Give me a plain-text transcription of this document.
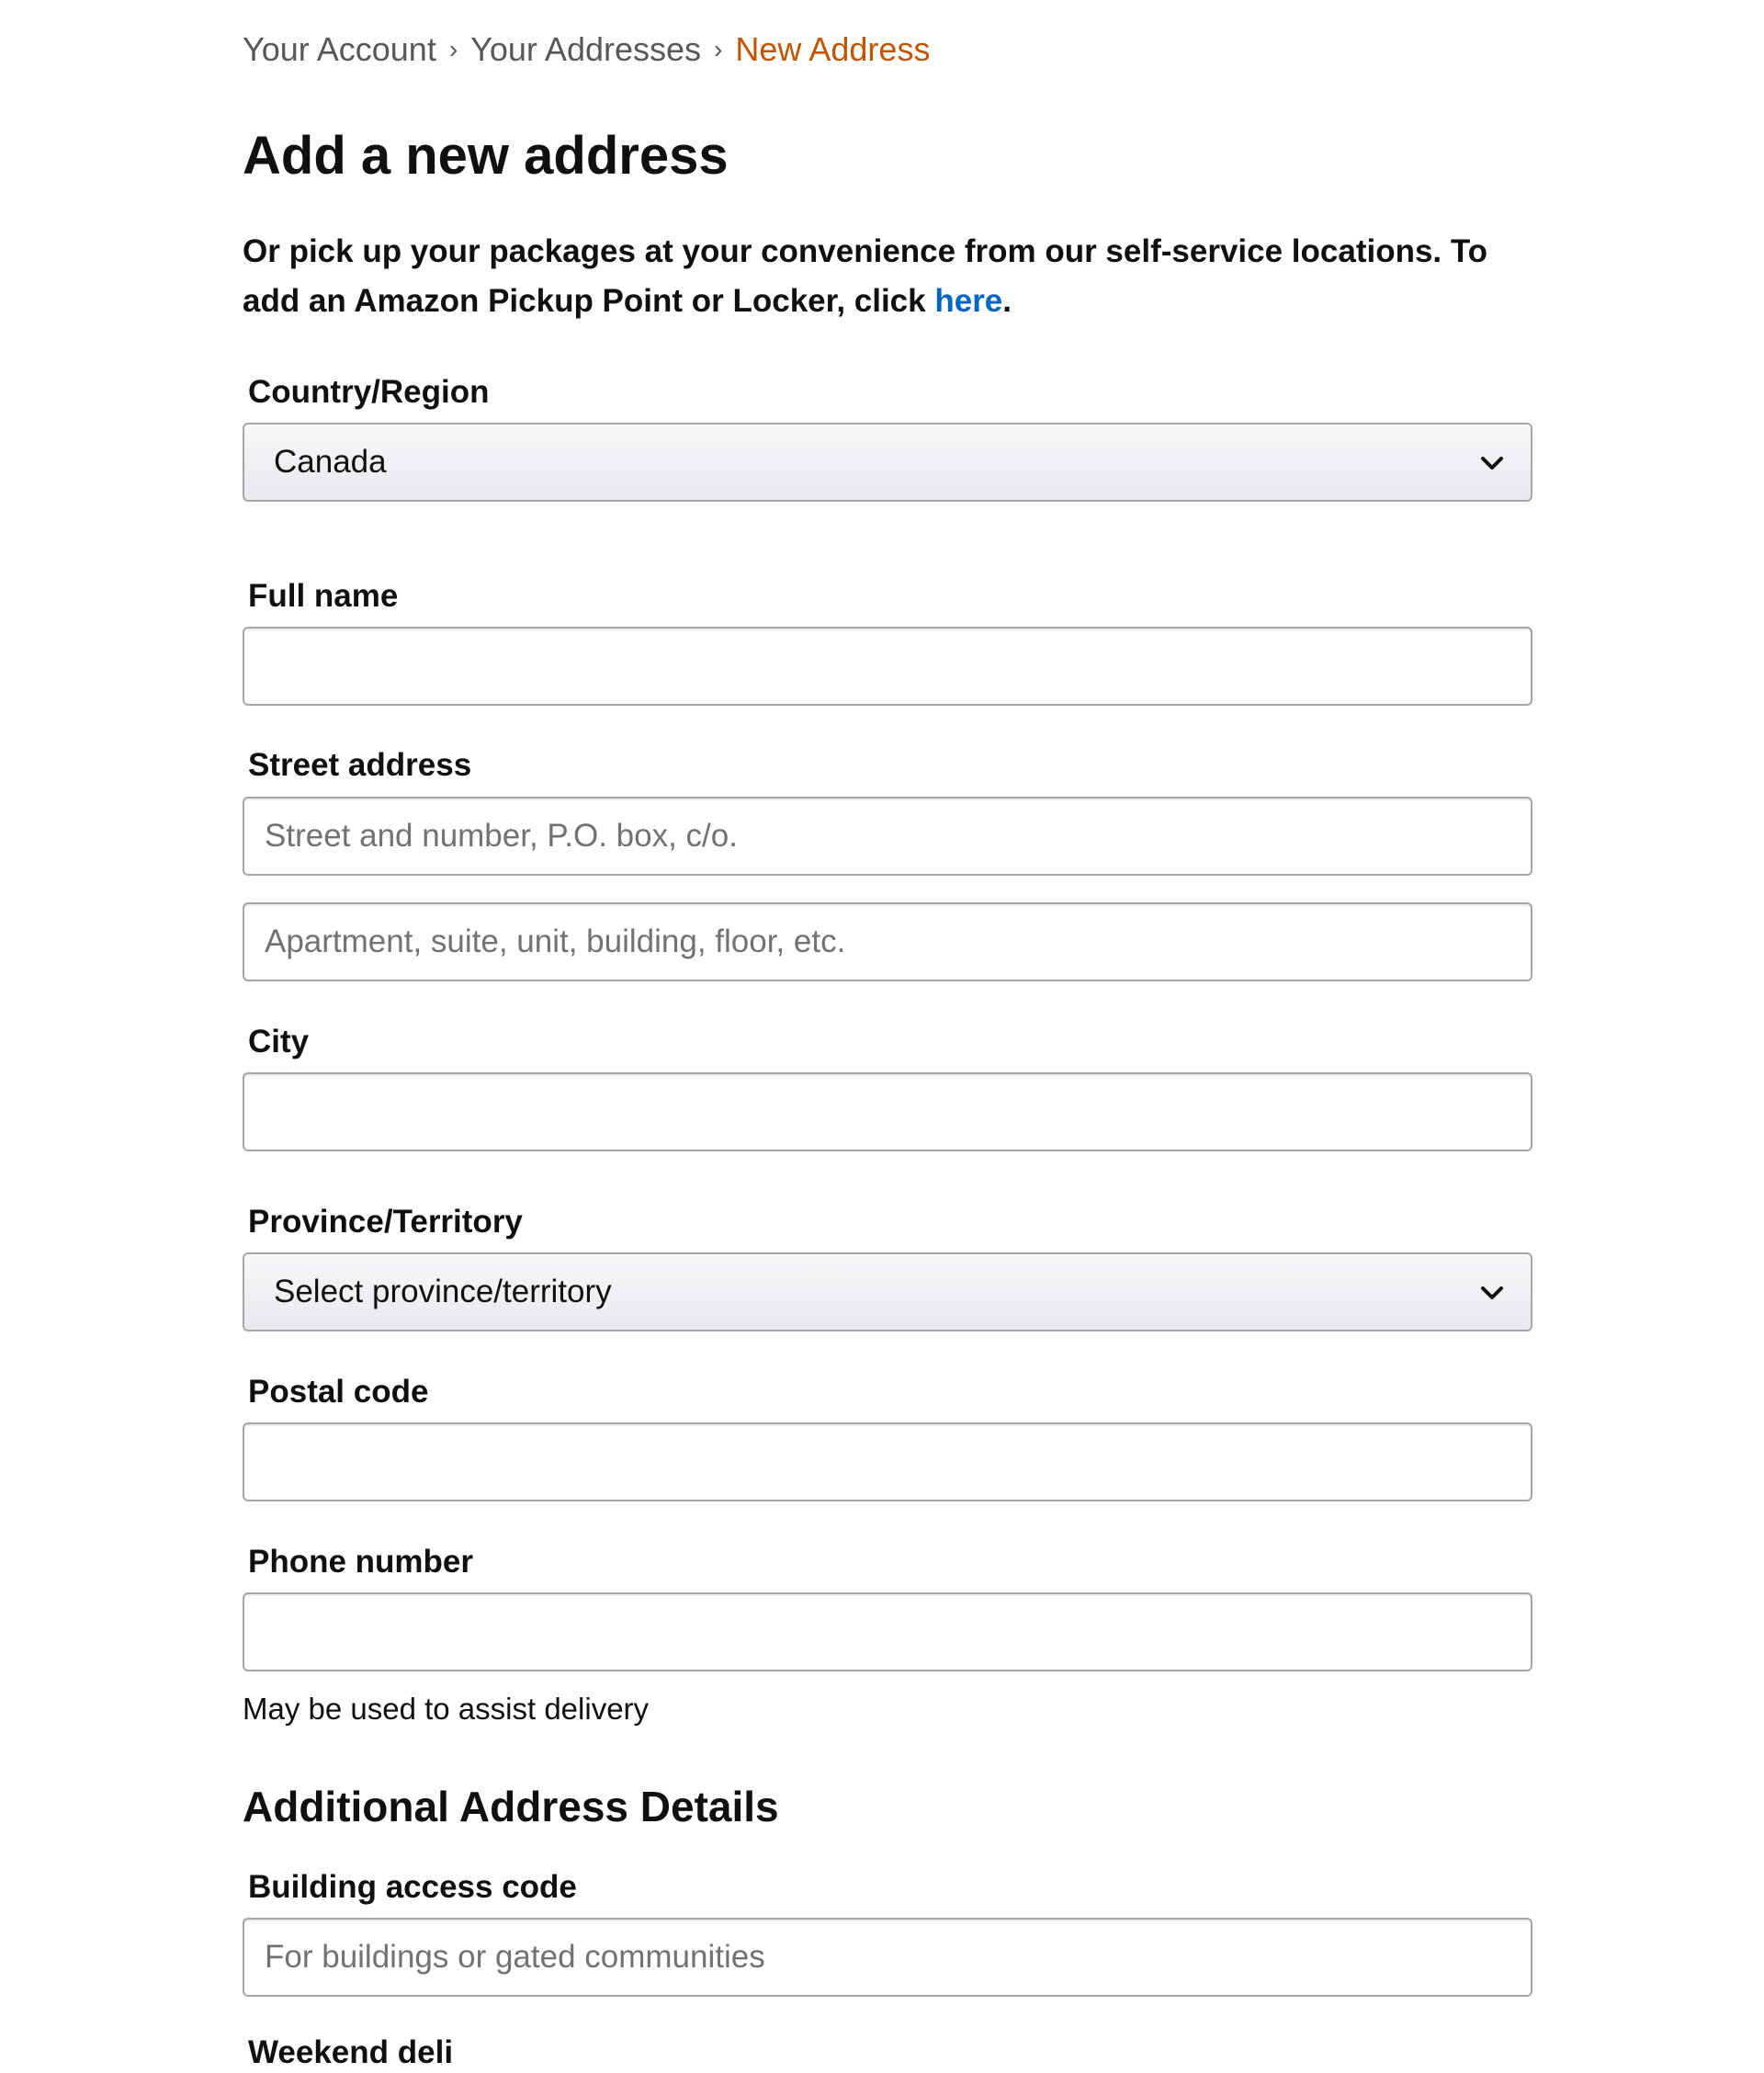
Your Account › Your Addresses › New Address
Add a new address
Or pick up your packages at your convenience from our self-service locations. To add an Amazon Pickup Point or Locker, click here.
Country/Region
Canada
Full name
Street address
Street and number, P.O. box, c/o.
Apartment, suite, unit, building, floor, etc.
City
Province/Territory
Select province/territory
Postal code
Phone number
May be used to assist delivery
Additional Address Details
Building access code
For buildings or gated communities
Weekend deli
